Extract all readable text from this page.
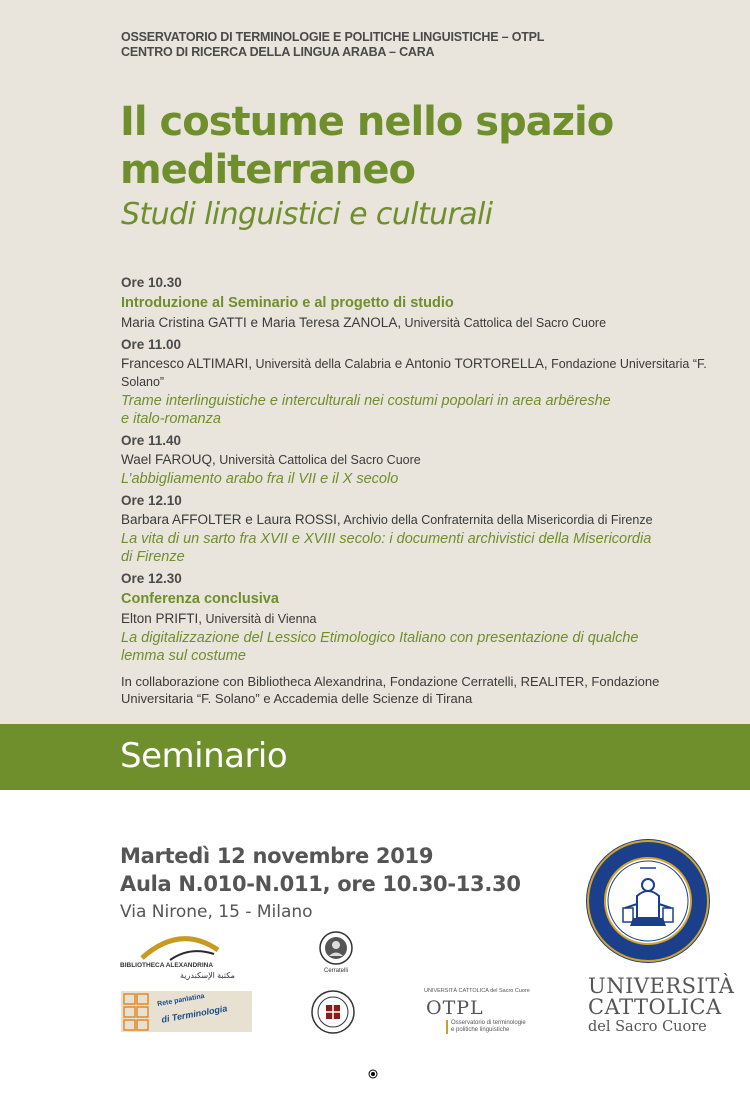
OSSERVATORIO DI TERMINOLOGIE E POLITICHE LINGUISTICHE – OTPL
CENTRO DI RICERCA DELLA LINGUA ARABA – CARA
Il costume nello spazio
mediterraneo
Studi linguistici e culturali
Ore 10.30
Introduzione al Seminario e al progetto di studio
Maria Cristina GATTI e Maria Teresa ZANOLA, Università Cattolica del Sacro Cuore
Ore 11.00
Francesco ALTIMARI, Università della Calabria e Antonio TORTORELLA, Fondazione Universitaria “F. Solano”
Trame interlinguistiche e interculturali nei costumi popolari in area arbëreshe
e italo-romanza
Ore 11.40
Wael FAROUQ, Università Cattolica del Sacro Cuore
L’abbigliamento arabo fra il VII e il X secolo
Ore 12.10
Barbara AFFOLTER e Laura ROSSI, Archivio della Confraternita della Misericordia di Firenze
La vita di un sarto fra XVII e XVIII secolo: i documenti archivistici della Misericordia
di Firenze
Ore 12.30
Conferenza conclusiva
Elton PRIFTI, Università di Vienna
La digitalizzazione del Lessico Etimologico Italiano con presentazione di qualche
lemma sul costume
In collaborazione con Bibliotheca Alexandrina, Fondazione Cerratelli, REALITER, Fondazione
Universitaria “F. Solano” e Accademia delle Scienze di Tirana
Seminario
Martedì 12 novembre 2019
Aula N.010-N.011, ore 10.30-13.30
Via Nirone, 15 - Milano
UNIVERSITÀ
CATTOLICA
del Sacro Cuore
BIBLIOTHECA ALEXANDRINA
مكتبة الإسكندرية	Cerratelli
Rete panlatina
di Terminologia
UNIVERSITÀ CATTOLICA del Sacro Cuore
OTPL
Osservatorio di terminologie
e politiche linguistiche
